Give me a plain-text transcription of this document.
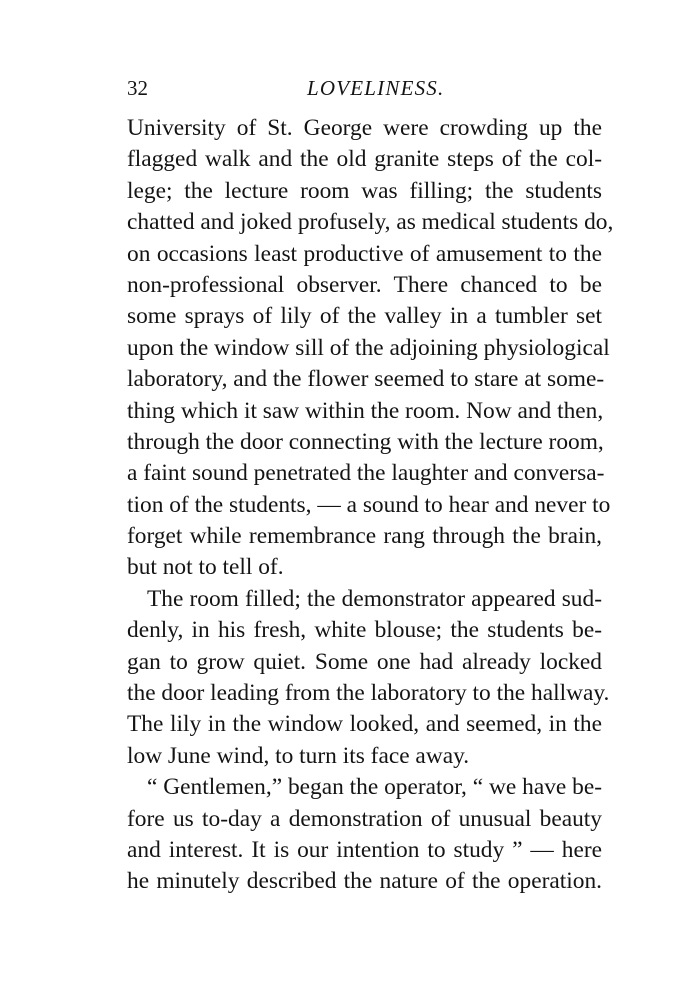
32	LOVELINESS.
University of St. George were crowding up the
flagged walk and the old granite steps of the col-
lege; the lecture room was filling; the students
chatted and joked profusely, as medical students do,
on occasions least productive of amusement to the
non-professional observer. There chanced to be
some sprays of lily of the valley in a tumbler set
upon the window sill of the adjoining physiological
laboratory, and the flower seemed to stare at some-
thing which it saw within the room. Now and then,
through the door connecting with the lecture room,
a faint sound penetrated the laughter and conversa-
tion of the students, — a sound to hear and never to
forget while remembrance rang through the brain,
but not to tell of.
The room filled; the demonstrator appeared sud-
denly, in his fresh, white blouse; the students be-
gan to grow quiet. Some one had already locked
the door leading from the laboratory to the hallway.
The lily in the window looked, and seemed, in the
low June wind, to turn its face away.
“ Gentlemen,” began the operator, “ we have be-
fore us to-day a demonstration of unusual beauty
and interest. It is our intention to study ” — here
he minutely described the nature of the operation.
